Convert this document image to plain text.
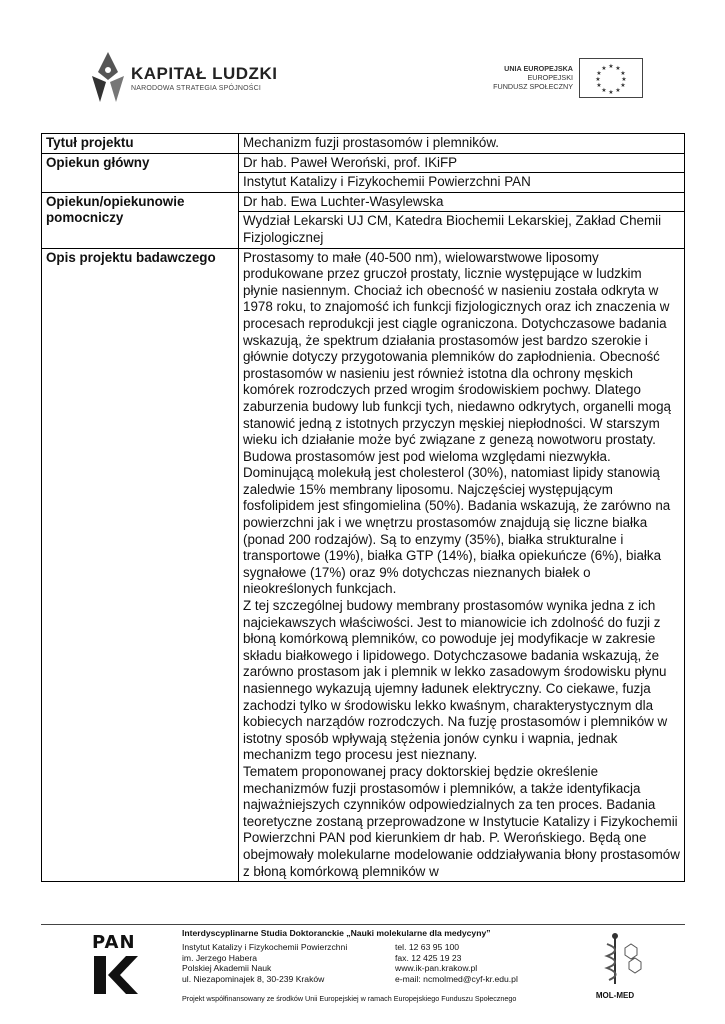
KAPITAŁ LUDZKI
NARODOWA STRATEGIA SPÓJNOŚCI
UNIA EUROPEJSKA
EUROPEJSKI
FUNDUSZ SPOŁECZNY
★ ★
★
★
★
★
★
★
★
★
★
★
Tytuł projektu	Mechanizm fuzji prostasomów i plemników.
Opiekun główny	Dr hab. Paweł Weroński, prof. IKiFP
	Instytut Katalizy i Fizykochemii Powierzchni PAN
Opiekun/opiekunowie pomocniczy	Dr hab. Ewa Luchter-Wasylewska
	Wydział Lekarski UJ CM, Katedra Biochemii Lekarskiej, Zakład Chemii Fizjologicznej
Opis projektu badawczego	Prostasomy to małe (40-500 nm), wielowarstwowe liposomy produkowane przez gruczoł prostaty, licznie występujące w ludzkim płynie nasiennym. Chociaż ich obecność w nasieniu została odkryta w 1978 roku, to znajomość ich funkcji fizjologicznych oraz ich znaczenia w procesach reprodukcji jest ciągle ograniczona. Dotychczasowe badania wskazują, że spektrum działania prostasomów jest bardzo szerokie i głównie dotyczy przygotowania plemników do zapłodnienia. Obecność prostasomów w nasieniu jest również istotna dla ochrony męskich komórek rozrodczych przed wrogim środowiskiem pochwy. Dlatego zaburzenia budowy lub funkcji tych, niedawno odkrytych, organelli mogą stanowić jedną z istotnych przyczyn męskiej niepłodności. W starszym wieku ich działanie może być związane z genezą nowotworu prostaty.

Budowa prostasomów jest pod wieloma względami niezwykła. Dominującą molekułą jest cholesterol (30%), natomiast lipidy stanowią zaledwie 15% membrany liposomu. Najczęściej występującym fosfolipidem jest sfingomielina (50%). Badania wskazują, że zarówno na powierzchni jak i we wnętrzu prostasomów znajdują się liczne białka (ponad 200 rodzajów). Są to enzymy (35%), białka strukturalne i transportowe (19%), białka GTP (14%), białka opiekuńcze (6%), białka sygnałowe (17%) oraz 9% dotychczas nieznanych białek o nieokreślonych funkcjach.

Z tej szczególnej budowy membrany prostasomów wynika jedna z ich najciekawszych właściwości. Jest to mianowicie ich zdolność do fuzji z błoną komórkową plemników, co powoduje jej modyfikacje w zakresie składu białkowego i lipidowego. Dotychczasowe badania wskazują, że zarówno prostasom jak i plemnik w lekko zasadowym środowisku płynu nasiennego wykazują ujemny ładunek elektryczny. Co ciekawe, fuzja zachodzi tylko w środowisku lekko kwaśnym, charakterystycznym dla kobiecych narządów rozrodczych. Na fuzję prostasomów i plemników w istotny sposób wpływają stężenia jonów cynku i wapnia, jednak mechanizm tego procesu jest nieznany.

Tematem proponowanej pracy doktorskiej będzie określenie mechanizmów fuzji prostasomów i plemników, a także identyfikacja najważniejszych czynników odpowiedzialnych za ten proces. Badania teoretyczne zostaną przeprowadzone w Instytucie Katalizy i Fizykochemii Powierzchni PAN pod kierunkiem dr hab. P. Werońskiego. Będą one obejmowały molekularne modelowanie oddziaływania błony prostasomów z błoną komórkową plemników w

PAN	Interdyscyplinarne Studia Doktoranckie „Nauki molekularne dla medycyny”
Instytut Katalizy i Fizykochemii Powierzchni
im. Jerzego Habera
Polskiej Akademii Nauk
ul. Niezapominajek 8, 30-239 Kraków
tel. 12 63 95 100
fax. 12 425 19 23
www.ik-pan.krakow.pl
e-mail: ncmolmed@cyf-kr.edu.pl
Projekt współfinansowany ze środków Unii Europejskiej w ramach Europejskiego Funduszu Społecznego	MOL-MED
